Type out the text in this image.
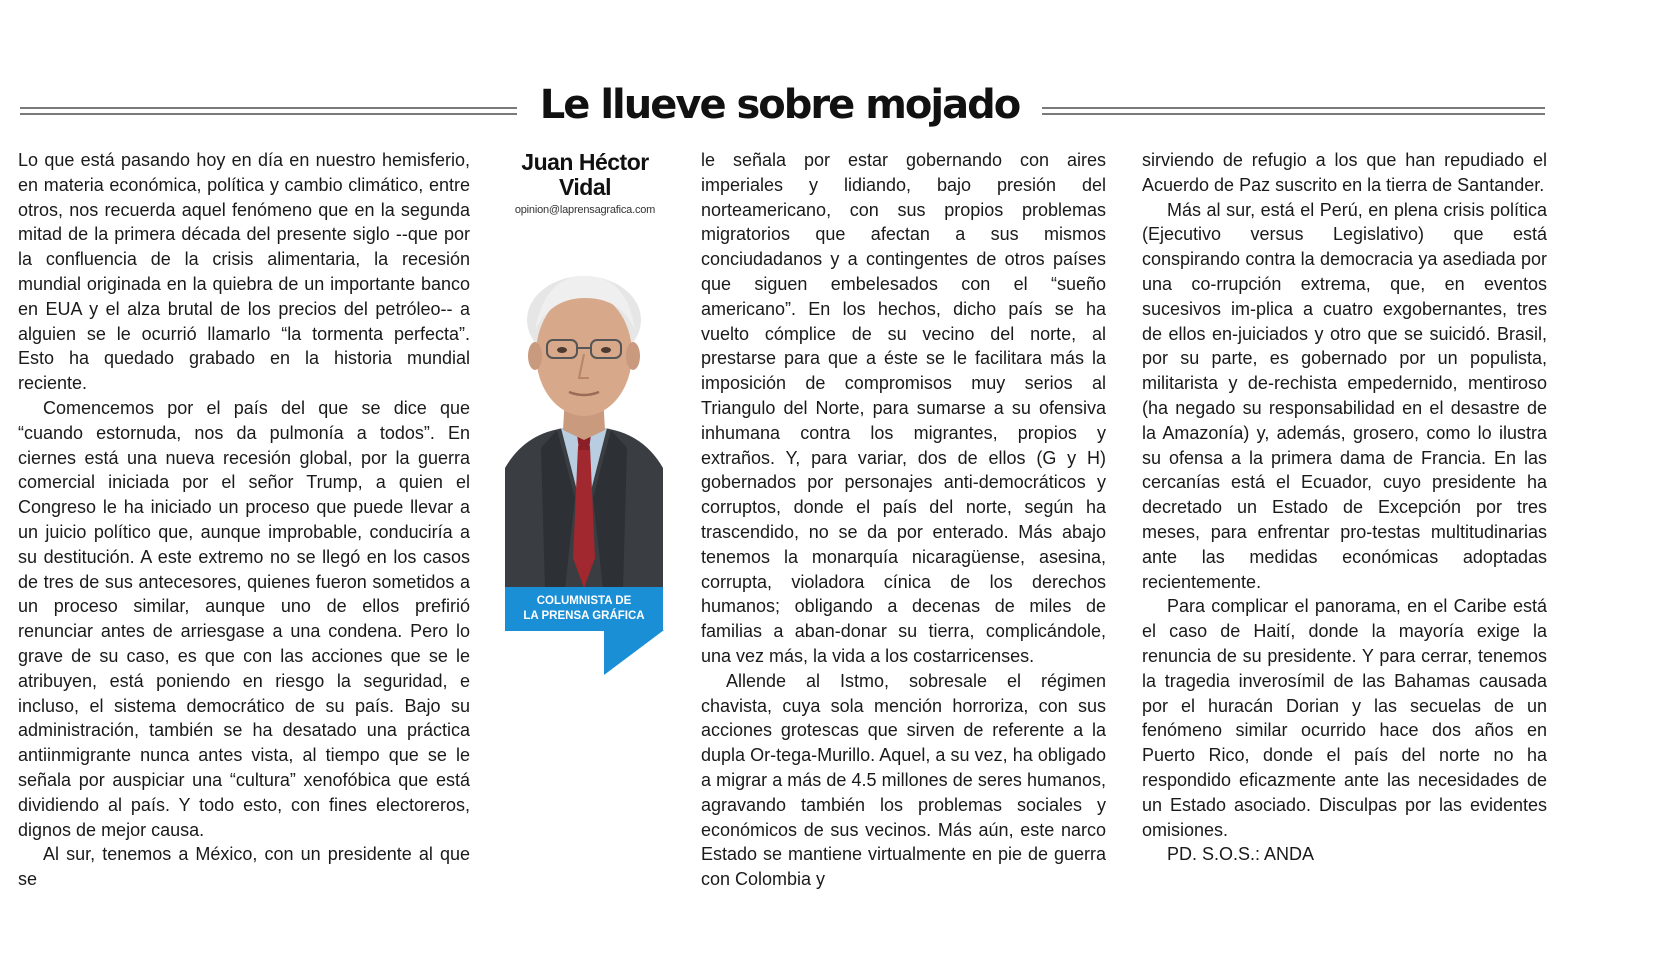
Le llueve sobre mojado

Lo que está pasando hoy en día en nuestro hemisferio, en materia económica, política y cambio climático, entre otros, nos recuerda aquel fenómeno que en la segunda mitad de la primera década del presente siglo --que por la confluencia de la crisis alimentaria, la recesión mundial originada en la quiebra de un importante banco en EUA y el alza brutal de los precios del petróleo-- a alguien se le ocurrió llamarlo “la tormenta perfecta”. Esto ha quedado grabado en la historia mundial reciente.

Comencemos por el país del que se dice que “cuando estornuda, nos da pulmonía a todos”. En ciernes está una nueva recesión global, por la guerra comercial iniciada por el señor Trump, a quien el Congreso le ha iniciado un proceso que puede llevar a un juicio político que, aunque improbable, conduciría a su destitución. A este extremo no se llegó en los casos de tres de sus antecesores, quienes fueron sometidos a un proceso similar, aunque uno de ellos prefirió renunciar antes de arriesgase a una condena. Pero lo grave de su caso, es que con las acciones que se le atribuyen, está poniendo en riesgo la seguridad, e incluso, el sistema democrático de su país. Bajo su administración, también se ha desatado una práctica antiinmigrante nunca antes vista, al tiempo que se le señala por auspiciar una “cultura” xenofóbica que está dividiendo al país. Y todo esto, con fines electoreros, dignos de mejor causa.

Al sur, tenemos a México, con un presidente al que se

Juan Héctor
Vidal
opinion@laprensagrafica.com
COLUMNISTA DE
LA PRENSA GRÁFICA

le señala por estar gobernando con aires imperiales y lidiando, bajo presión del norteamericano, con sus propios problemas migratorios que afectan a sus mismos conciudadanos y a contingentes de otros países que siguen embelesados con el “sueño americano”. En los hechos, dicho país se ha vuelto cómplice de su vecino del norte, al prestarse para que a éste se le facilitara más la imposición de compromisos muy serios al Triangulo del Norte, para sumarse a su ofensiva inhumana contra los migrantes, propios y extraños. Y, para variar, dos de ellos (G y H) gobernados por personajes anti-democráticos y corruptos, donde el país del norte, según ha trascendido, no se da por enterado. Más abajo tenemos la monarquía nicaragüense, asesina, corrupta, violadora cínica de los derechos humanos; obligando a decenas de miles de familias a aban-donar su tierra, complicándole, una vez más, la vida a los costarricenses.

Allende al Istmo, sobresale el régimen chavista, cuya sola mención horroriza, con sus acciones grotescas que sirven de referente a la dupla Or-tega-Murillo. Aquel, a su vez, ha obligado a migrar a más de 4.5 millones de seres humanos, agravando también los problemas sociales y económicos de sus vecinos. Más aún, este narco Estado se mantiene virtualmente en pie de guerra con Colombia y

sirviendo de refugio a los que han repudiado el Acuerdo de Paz suscrito en la tierra de Santander.

Más al sur, está el Perú, en plena crisis política (Ejecutivo versus Legislativo) que está conspirando contra la democracia ya asediada por una co-rrupción extrema, que, en eventos sucesivos im-plica a cuatro exgobernantes, tres de ellos en-juiciados y otro que se suicidó. Brasil, por su parte, es gobernado por un populista, militarista y de-rechista empedernido, mentiroso (ha negado su responsabilidad en el desastre de la Amazonía) y, además, grosero, como lo ilustra su ofensa a la primera dama de Francia. En las cercanías está el Ecuador, cuyo presidente ha decretado un Estado de Excepción por tres meses, para enfrentar pro-testas multitudinarias ante las medidas económicas adoptadas recientemente.

Para complicar el panorama, en el Caribe está el caso de Haití, donde la mayoría exige la renuncia de su presidente. Y para cerrar, tenemos la tragedia inverosímil de las Bahamas causada por el huracán Dorian y las secuelas de un fenómeno similar ocurrido hace dos años en Puerto Rico, donde el país del norte no ha respondido eficazmente ante las necesidades de un Estado asociado. Disculpas por las evidentes omisiones.

PD. S.O.S.: ANDA
